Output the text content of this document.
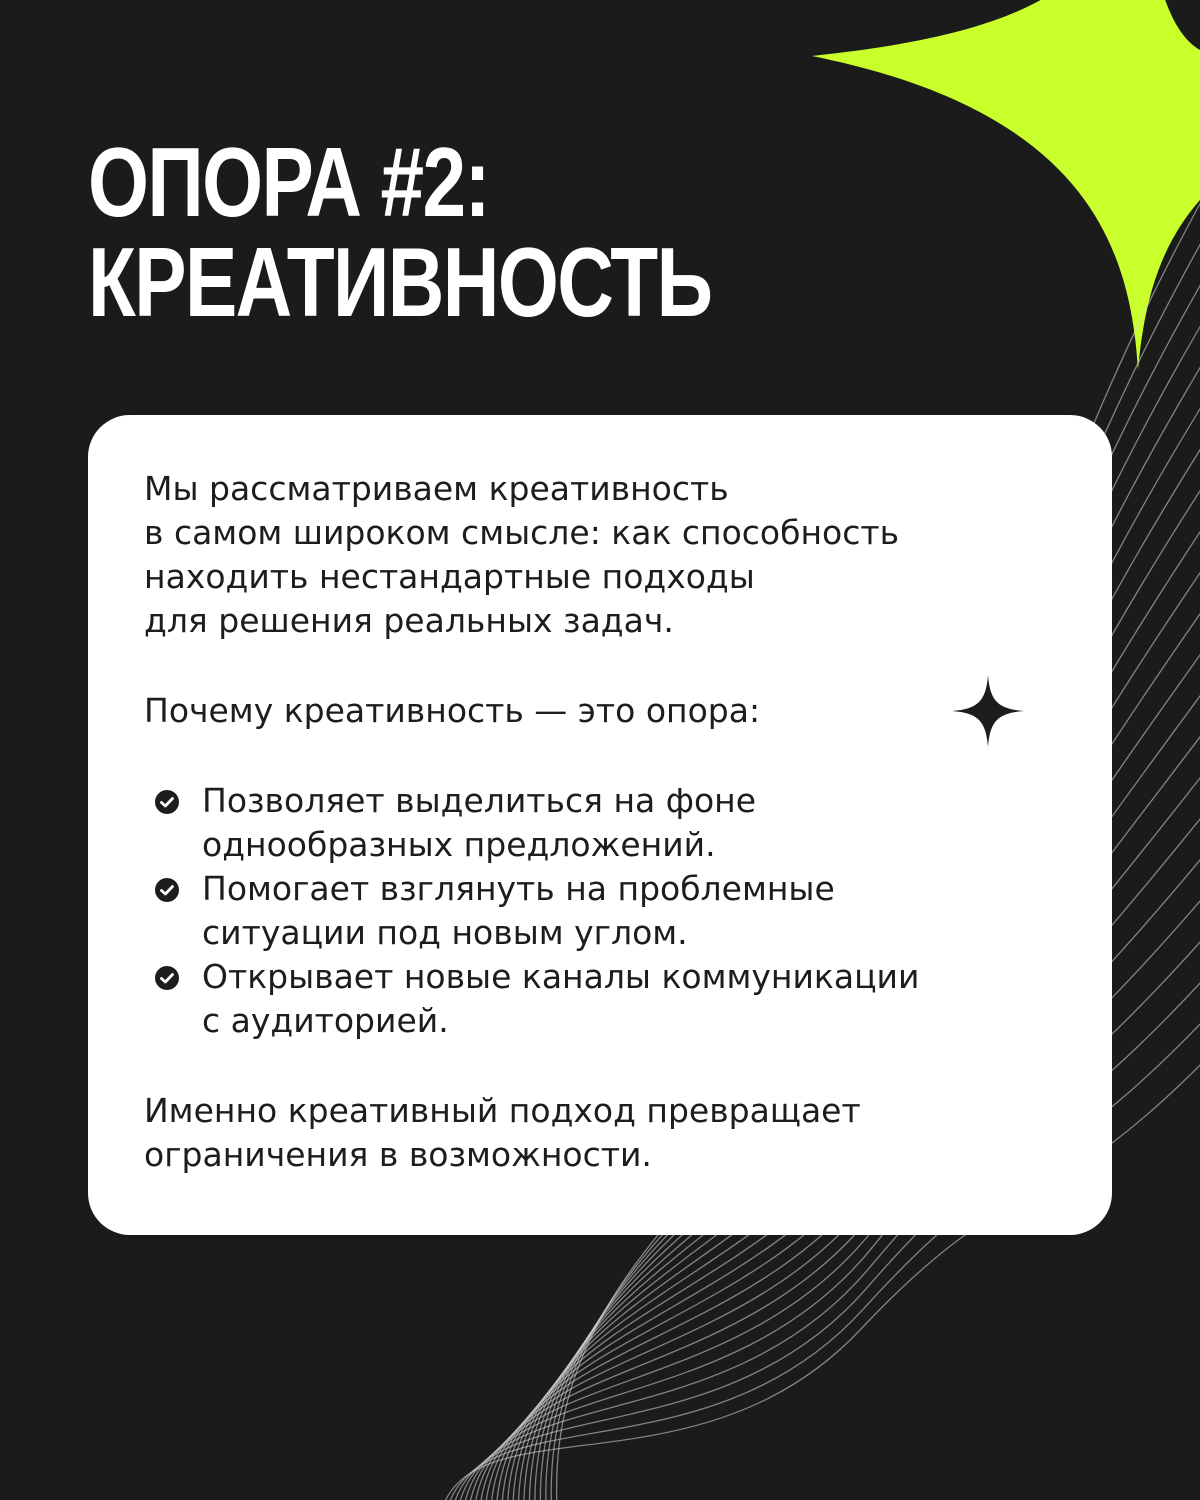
ОПОРА #2:
КРЕАТИВНОСТЬ

Мы рассматриваем креативность
в самом широком смысле: как способность
находить нестандартные подходы
для решения реальных задач.

Почему креативность — это опора:

Позволяет выделиться на фоне
однообразных предложений.
Помогает взглянуть на проблемные
ситуации под новым углом.
Открывает новые каналы коммуникации
с аудиторией.

Именно креативный подход превращает
ограничения в возможности.
